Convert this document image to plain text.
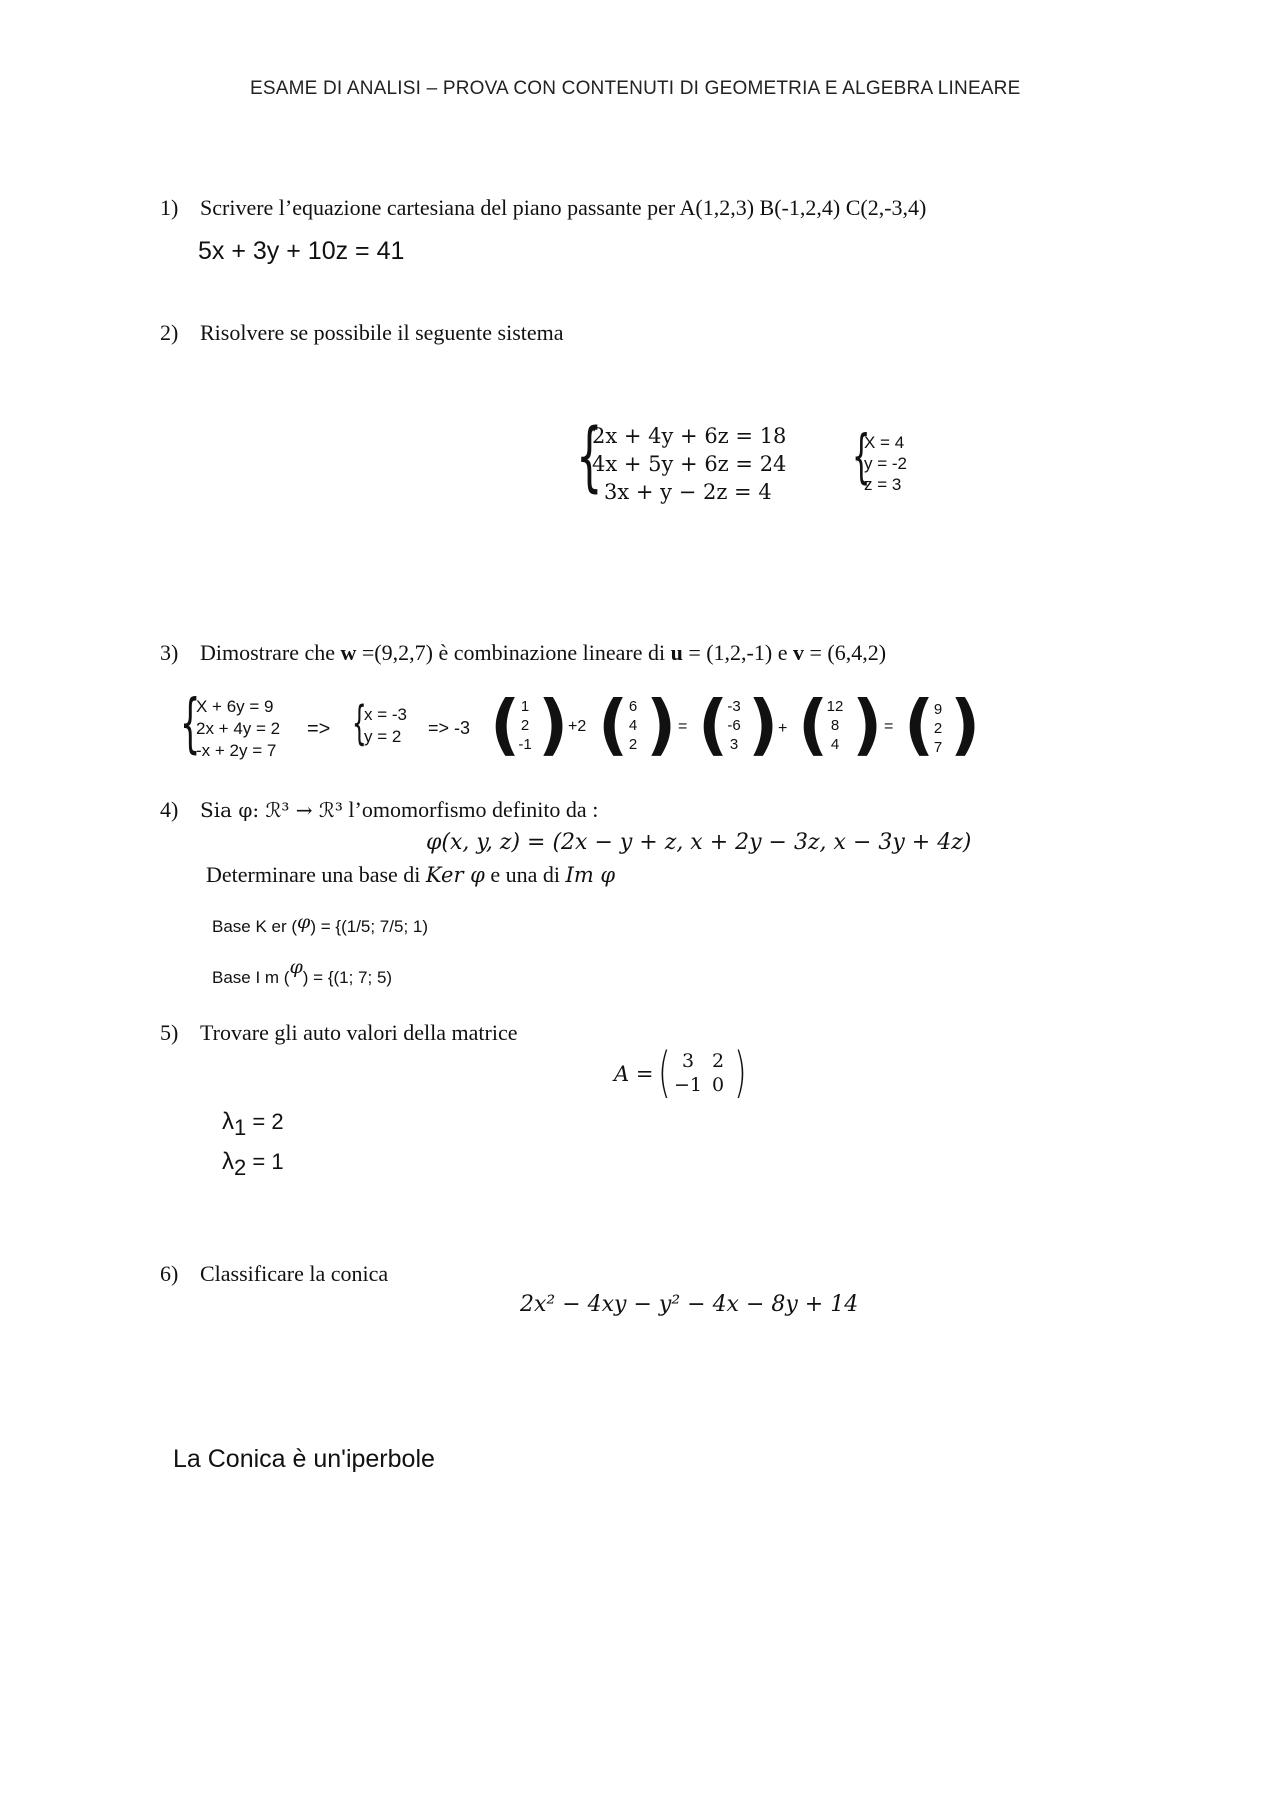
ESAME DI ANALISI – PROVA CON CONTENUTI DI GEOMETRIA E ALGEBRA LINEARE
1) Scrivere l’equazione cartesiana del piano passante per A(1,2,3) B(-1,2,4) C(2,-3,4)
5x + 3y + 10z = 41
2) Risolvere se possibile il seguente sistema
{
2x + 4y + 6z = 18
4x + 5y + 6z = 24
3x + y − 2z = 4
{
X = 4
y = -2
z = 3
3) Dimostrare che w =(9,2,7) è combinazione lineare di u = (1,2,-1) e v = (6,4,2)
{
X + 6y = 9
2x + 4y = 2
-x + 2y = 7
=> {
x = -3
y = 2	=> -3 ( 1
2
-1 ) +2 ( 6
4
2 ) = ( -3
-6
3 ) + (
12
8
4 ) = ( 9
2
7 )
4) Sia φ: ℛ³ → ℛ³ l’omomorfismo definito da :
φ(x, y, z) = (2x − y + z, x + 2y − 3z, x − 3y + 4z)
Determinare una base di Ker φ e una di Im φ
Base K er (φ) = {(1/5; 7/5; 1)
Base I m (φ) = {(1; 7; 5)
5) Trovare gli auto valori della matrice
A = ( 3 2
−1 0 )
$\lambda_1 = 2$
$\lambda_2 = 1$
6) Classificare la conica
2x² − 4xy − y² − 4x − 8y + 14
La Conica è un'iperbole
